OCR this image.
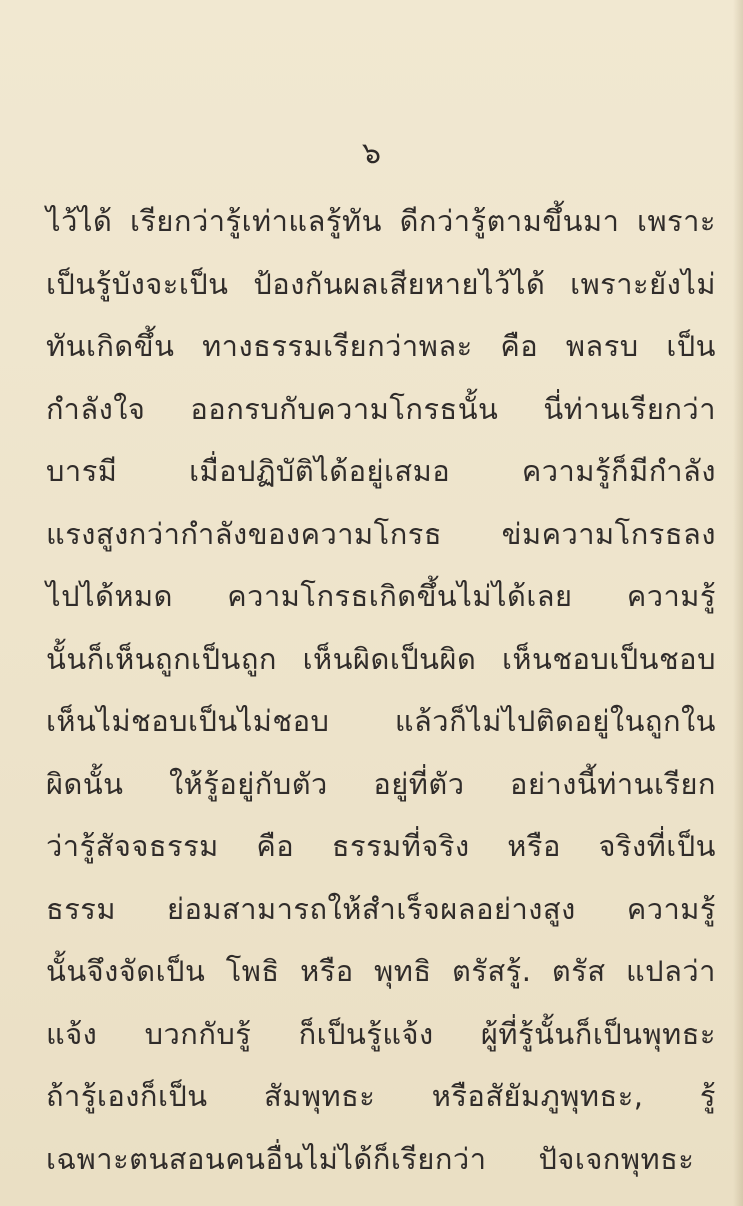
๖
ไว้ได้ เรียกว่ารู้เท่าแลรู้ทัน ดีกว่ารู้ตามขึ้นมา เพราะ
เป็นรู้บังจะเป็น ป้องกันผลเสียหายไว้ได้ เพราะยังไม่
ทันเกิดขึ้น ทางธรรมเรียกว่าพละ คือ พลรบ เป็น
กำลังใจ ออกรบกับความโกรธนั้น นี่ท่านเรียกว่า
บารมี เมื่อปฏิบัติได้อยู่เสมอ ความรู้ก็มีกำลัง
แรงสูงกว่ากำลังของความโกรธ ข่มความโกรธลง
ไปได้หมด ความโกรธเกิดขึ้นไม่ได้เลย ความรู้
นั้นก็เห็นถูกเป็นถูก เห็นผิดเป็นผิด เห็นชอบเป็นชอบ
เห็นไม่ชอบเป็นไม่ชอบ แล้วก็ไม่ไปติดอยู่ในถูกใน
ผิดนั้น ให้รู้อยู่กับตัว อยู่ที่ตัว อย่างนี้ท่านเรียก
ว่ารู้สัจจธรรม คือ ธรรมที่จริง หรือ จริงที่เป็น
ธรรม ย่อมสามารถให้สำเร็จผลอย่างสูง ความรู้
นั้นจึงจัดเป็น โพธิ หรือ พุทธิ ตรัสรู้. ตรัส แปลว่า
แจ้ง บวกกับรู้ ก็เป็นรู้แจ้ง ผู้ที่รู้นั้นก็เป็นพุทธะ
ถ้ารู้เองก็เป็น สัมพุทธะ หรือสัยัมภูพุทธะ, รู้
เฉพาะตนสอนคนอื่นไม่ได้ก็เรียกว่า ปัจเจกพุทธะ
